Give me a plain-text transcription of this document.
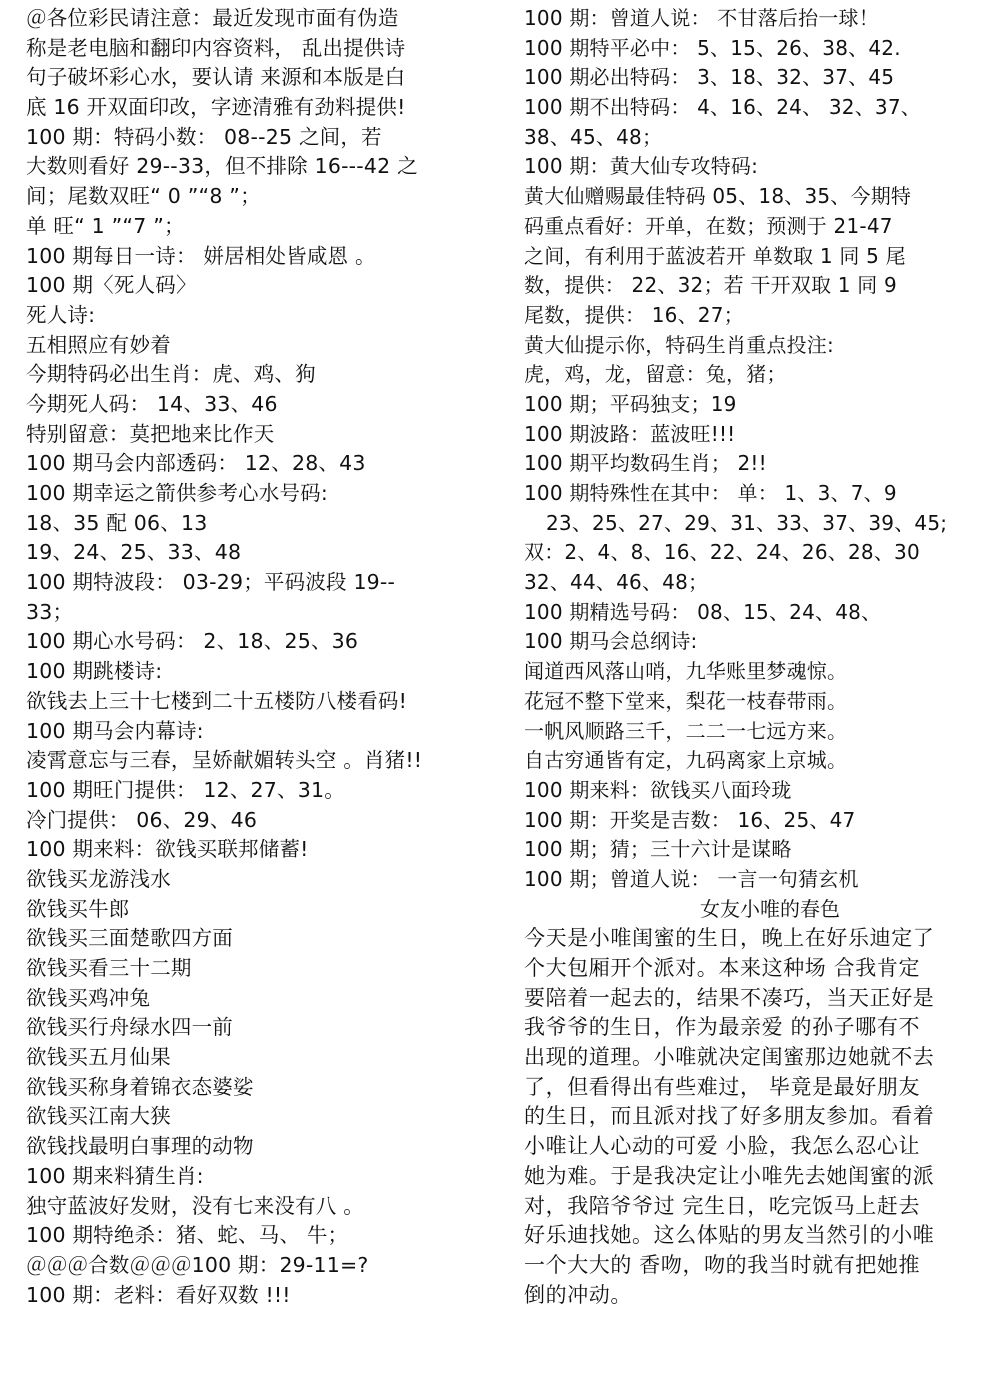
＠各位彩民请注意：最近发现市面有伪造
称是老电脑和翻印内容资料， 乱出提供诗
句子破坏彩心水，要认请 来源和本版是白
底 16 开双面印改，字迹清雅有劲料提供!
100 期：特码小数： 08--25 之间，若
大数则看好 29--33，但不排除 16---42 之
间；尾数双旺“ 0 ”“8 ”；
单 旺“ 1 ”“7 ”；
100 期每日一诗： 姘居相处皆咸恩 。
100 期〈死人码〉
死人诗:
五相照应有妙着
今期特码必出生肖：虎、鸡、狗
今期死人码： 14、33、46
特别留意：莫把地来比作天
100 期马会内部透码： 12、28、43
100 期幸运之箭供参考心水号码:
18、35 配 06、13
19、24、25、33、48
100 期特波段： 03-29；平码波段 19--
33；
100 期心水号码： 2、18、25、36
100 期跳楼诗:
欲钱去上三十七楼到二十五楼防八楼看码!
100 期马会内幕诗:
凌霄意忘与三春，呈娇献媚转头空 。肖猪!!
100 期旺门提供： 12、27、31。
冷门提供： 06、29、46
100 期来料：欲钱买联邦储蓄!
欲钱买龙游浅水
欲钱买牛郎
欲钱买三面楚歌四方面
欲钱买看三十二期
欲钱买鸡冲兔
欲钱买行舟绿水四一前
欲钱买五月仙果
欲钱买称身着锦衣态婆娑
欲钱买江南大狭
欲钱找最明白事理的动物
100 期来料猜生肖:
独守蓝波好发财，没有七来没有八 。
100 期特绝杀：猪、蛇、马、 牛；
＠＠＠合数＠＠＠100 期：29-11=?
100 期：老料：看好双数 !!!
100 期：曾道人说： 不甘落后抬一球！
100 期特平必中： 5、15、26、38、42.
100 期必出特码： 3、18、32、37、45
100 期不出特码： 4、16、24、 32、37、
38、45、48；
100 期：黄大仙专攻特码:
黄大仙赠赐最佳特码 05、18、35、今期特
码重点看好：开单，在数；预测于 21-47
之间，有利用于蓝波若开 单数取 1 同 5 尾
数，提供： 22、32；若 干开双取 1 同 9
尾数，提供： 16、27；
黄大仙提示你，特码生肖重点投注:
虎，鸡，龙，留意：兔，猪；
100 期；平码独支；19
100 期波路：蓝波旺!!!
100 期平均数码生肖； 2!!
100 期特殊性在其中： 单： 1、3、7、9
23、25、27、29、31、33、37、39、45;
双：2、4、8、16、22、24、26、28、30
32、44、46、48；
100 期精选号码： 08、15、24、48、
100 期马会总纲诗:
闻道西风落山哨，九华账里梦魂惊。
花冠不整下堂来，梨花一枝春带雨。
一帆风顺路三千，二二一七远方来。
自古穷通皆有定，九码离家上京城。
100 期来料：欲钱买八面玲珑
100 期：开奖是吉数： 16、25、47
100 期；猜；三十六计是谋略
100 期；曾道人说： 一言一句猜玄机
女友小唯的春色
今天是小唯闺蜜的生日，晚上在好乐迪定了
个大包厢开个派对。本来这种场 合我肯定
要陪着一起去的，结果不凑巧，当天正好是
我爷爷的生日，作为最亲爱 的孙子哪有不
出现的道理。小唯就决定闺蜜那边她就不去
了，但看得出有些难过， 毕竟是最好朋友
的生日，而且派对找了好多朋友参加。看着
小唯让人心动的可爱 小脸，我怎么忍心让
她为难。于是我决定让小唯先去她闺蜜的派
对，我陪爷爷过 完生日，吃完饭马上赶去
好乐迪找她。这么体贴的男友当然引的小唯
一个大大的 香吻，吻的我当时就有把她推
倒的冲动。
